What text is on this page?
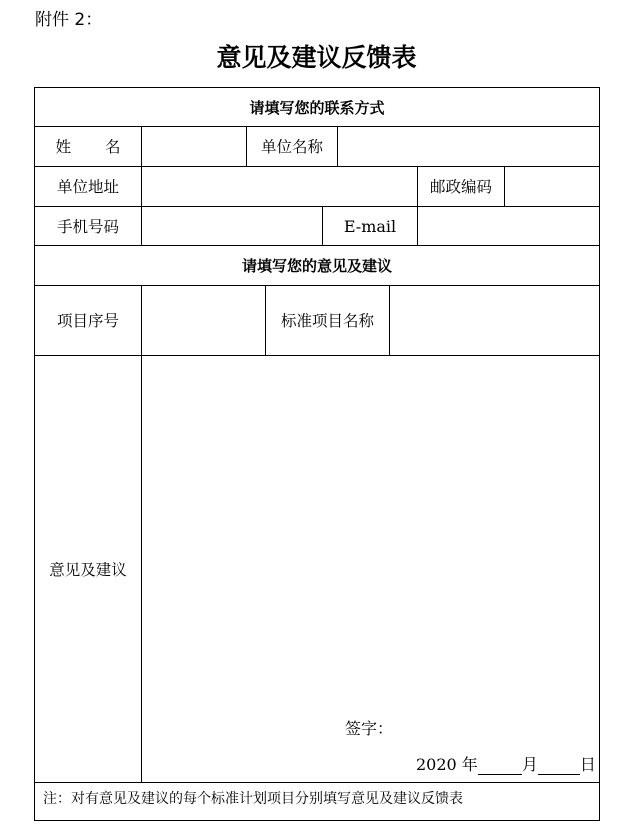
附件 2：
意见及建议反馈表
请填写您的联系方式
姓名	单位名称
单位地址	邮政编码
手机号码	E-mail
请填写您的意见及建议
项目序号	标准项目名称
意见及建议
签字：
2020 年	月	日
注：对有意见及建议的每个标准计划项目分别填写意见及建议反馈表
